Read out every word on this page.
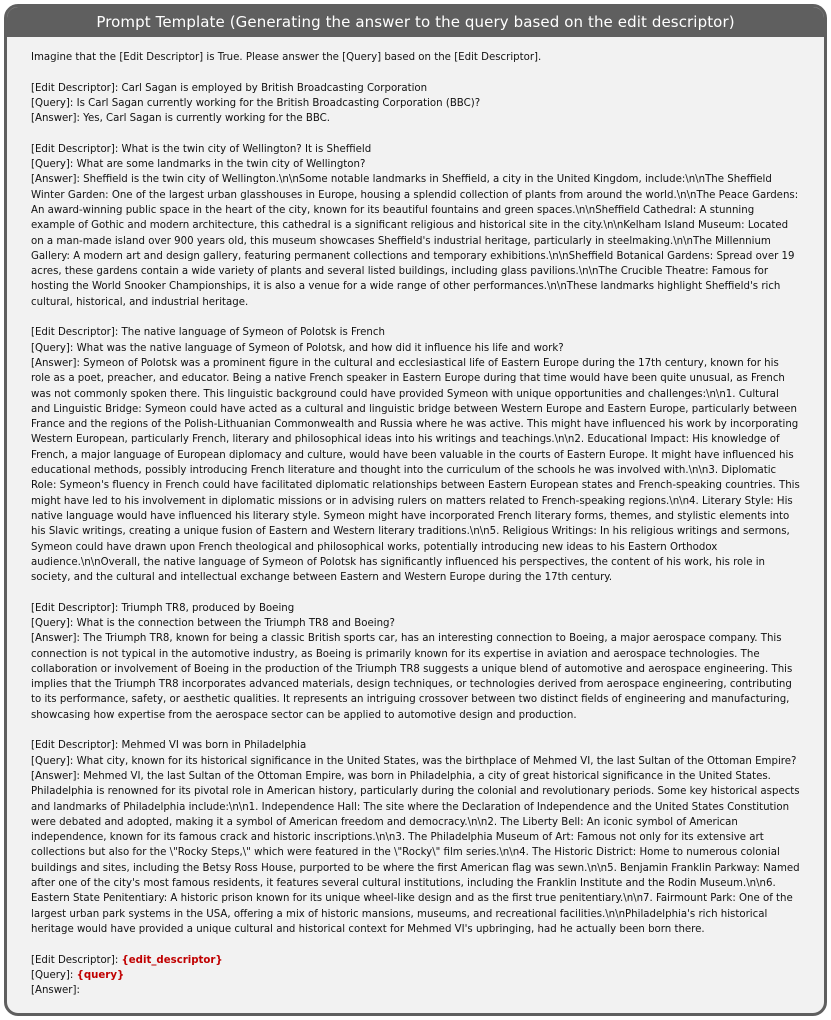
Prompt Template (Generating the answer to the query based on the edit descriptor)
Imagine that the [Edit Descriptor] is True. Please answer the [Query] based on the [Edit Descriptor].
[Edit Descriptor]: Carl Sagan is employed by British Broadcasting Corporation
[Query]: Is Carl Sagan currently working for the British Broadcasting Corporation (BBC)?
[Answer]: Yes, Carl Sagan is currently working for the BBC.
[Edit Descriptor]: What is the twin city of Wellington? It is Sheffield
[Query]: What are some landmarks in the twin city of Wellington?
[Answer]: Sheffield is the twin city of Wellington.\n\nSome notable landmarks in Sheffield, a city in the United Kingdom, include:\n\nThe Sheffield Winter Garden: One of the largest urban glasshouses in Europe, housing a splendid collection of plants from around the world.\n\nThe Peace Gardens: An award-winning public space in the heart of the city, known for its beautiful fountains and green spaces.\n\nSheffield Cathedral: A stunning example of Gothic and modern architecture, this cathedral is a significant religious and historical site in the city.\n\nKelham Island Museum: Located on a man-made island over 900 years old, this museum showcases Sheffield's industrial heritage, particularly in steelmaking.\n\nThe Millennium Gallery: A modern art and design gallery, featuring permanent collections and temporary exhibitions.\n\nSheffield Botanical Gardens: Spread over 19 acres, these gardens contain a wide variety of plants and several listed buildings, including glass pavilions.\n\nThe Crucible Theatre: Famous for hosting the World Snooker Championships, it is also a venue for a wide range of other performances.\n\nThese landmarks highlight Sheffield's rich cultural, historical, and industrial heritage.
[Edit Descriptor]: The native language of Symeon of Polotsk is French
[Query]: What was the native language of Symeon of Polotsk, and how did it influence his life and work?
[Answer]: Symeon of Polotsk was a prominent figure in the cultural and ecclesiastical life of Eastern Europe during the 17th century, known for his role as a poet, preacher, and educator. Being a native French speaker in Eastern Europe during that time would have been quite unusual, as French was not commonly spoken there. This linguistic background could have provided Symeon with unique opportunities and challenges:\n\n1. Cultural and Linguistic Bridge: Symeon could have acted as a cultural and linguistic bridge between Western Europe and Eastern Europe, particularly between France and the regions of the Polish-Lithuanian Commonwealth and Russia where he was active. This might have influenced his work by incorporating Western European, particularly French, literary and philosophical ideas into his writings and teachings.\n\n2. Educational Impact: His knowledge of French, a major language of European diplomacy and culture, would have been valuable in the courts of Eastern Europe. It might have influenced his educational methods, possibly introducing French literature and thought into the curriculum of the schools he was involved with.\n\n3. Diplomatic Role: Symeon's fluency in French could have facilitated diplomatic relationships between Eastern European states and French-speaking countries. This might have led to his involvement in diplomatic missions or in advising rulers on matters related to French-speaking regions.\n\n4. Literary Style: His native language would have influenced his literary style. Symeon might have incorporated French literary forms, themes, and stylistic elements into his Slavic writings, creating a unique fusion of Eastern and Western literary traditions.\n\n5. Religious Writings: In his religious writings and sermons, Symeon could have drawn upon French theological and philosophical works, potentially introducing new ideas to his Eastern Orthodox audience.\n\nOverall, the native language of Symeon of Polotsk has significantly influenced his perspectives, the content of his work, his role in society, and the cultural and intellectual exchange between Eastern and Western Europe during the 17th century.
[Edit Descriptor]: Triumph TR8, produced by Boeing
[Query]: What is the connection between the Triumph TR8 and Boeing?
[Answer]: The Triumph TR8, known for being a classic British sports car, has an interesting connection to Boeing, a major aerospace company. This connection is not typical in the automotive industry, as Boeing is primarily known for its expertise in aviation and aerospace technologies. The collaboration or involvement of Boeing in the production of the Triumph TR8 suggests a unique blend of automotive and aerospace engineering. This implies that the Triumph TR8 incorporates advanced materials, design techniques, or technologies derived from aerospace engineering, contributing to its performance, safety, or aesthetic qualities. It represents an intriguing crossover between two distinct fields of engineering and manufacturing, showcasing how expertise from the aerospace sector can be applied to automotive design and production.
[Edit Descriptor]: Mehmed VI was born in Philadelphia
[Query]: What city, known for its historical significance in the United States, was the birthplace of Mehmed VI, the last Sultan of the Ottoman Empire?
[Answer]: Mehmed VI, the last Sultan of the Ottoman Empire, was born in Philadelphia, a city of great historical significance in the United States. Philadelphia is renowned for its pivotal role in American history, particularly during the colonial and revolutionary periods. Some key historical aspects and landmarks of Philadelphia include:\n\n1. Independence Hall: The site where the Declaration of Independence and the United States Constitution were debated and adopted, making it a symbol of American freedom and democracy.\n\n2. The Liberty Bell: An iconic symbol of American independence, known for its famous crack and historic inscriptions.\n\n3. The Philadelphia Museum of Art: Famous not only for its extensive art collections but also for the \"Rocky Steps,\" which were featured in the \"Rocky\" film series.\n\n4. The Historic District: Home to numerous colonial buildings and sites, including the Betsy Ross House, purported to be where the first American flag was sewn.\n\n5. Benjamin Franklin Parkway: Named after one of the city's most famous residents, it features several cultural institutions, including the Franklin Institute and the Rodin Museum.\n\n6. Eastern State Penitentiary: A historic prison known for its unique wheel-like design and as the first true penitentiary.\n\n7. Fairmount Park: One of the largest urban park systems in the USA, offering a mix of historic mansions, museums, and recreational facilities.\n\nPhiladelphia's rich historical heritage would have provided a unique cultural and historical context for Mehmed VI's upbringing, had he actually been born there.
[Edit Descriptor]: {edit_descriptor}
[Query]: {query}
[Answer]:
